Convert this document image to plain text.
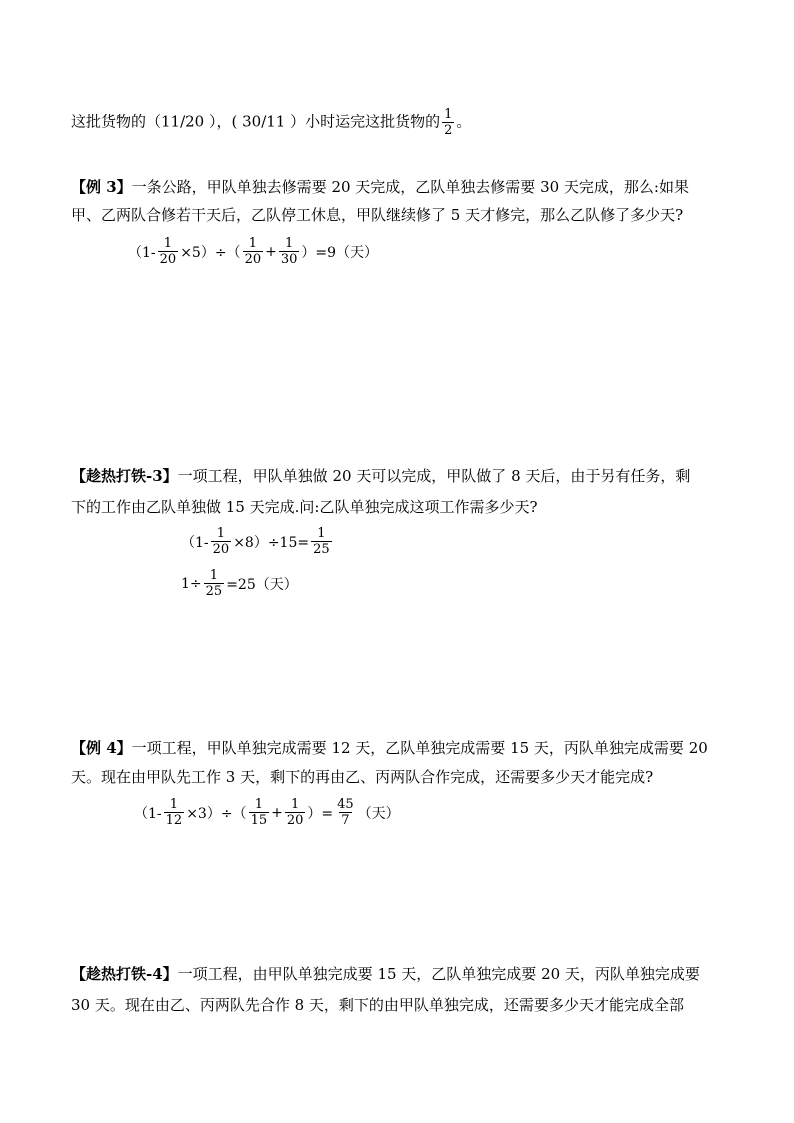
这批货物的（11/20 ），( 30/11 ）小时运完这批货物的 $\frac{1}{2}$ 。
【例 3】一条公路，甲队单独去修需要 20 天完成，乙队单独去修需要 30 天完成，那么:如果
甲、乙两队合修若干天后，乙队停工休息，甲队继续修了 5 天才修完，那么乙队修了多少天?
$(1- \frac{1}{20} \times 5)\div( \frac{1}{20} + \frac{1}{30} )=9$（天）
【趁热打铁-3】一项工程，甲队单独做 20 天可以完成，甲队做了 8 天后，由于另有任务，剩
下的工作由乙队单独做 15 天完成.问:乙队单独完成这项工作需多少天?
$(1- \frac{1}{20} \times 8)\div 15= \frac{1}{25}$
$1\div \frac{1}{25} =25$（天）
【例 4】一项工程，甲队单独完成需要 12 天，乙队单独完成需要 15 天，丙队单独完成需要 20
天。现在由甲队先工作 3 天，剩下的再由乙、丙两队合作完成，还需要多少天才能完成?
$(1- \frac{1}{12} \times 3)\div( \frac{1}{15} + \frac{1}{20}$ ）= $\frac{45}{7}$ （天）
【趁热打铁-4】一项工程，由甲队单独完成要 15 天，乙队单独完成要 20 天，丙队单独完成要
30 天。现在由乙、丙两队先合作 8 天，剩下的由甲队单独完成，还需要多少天才能完成全部
